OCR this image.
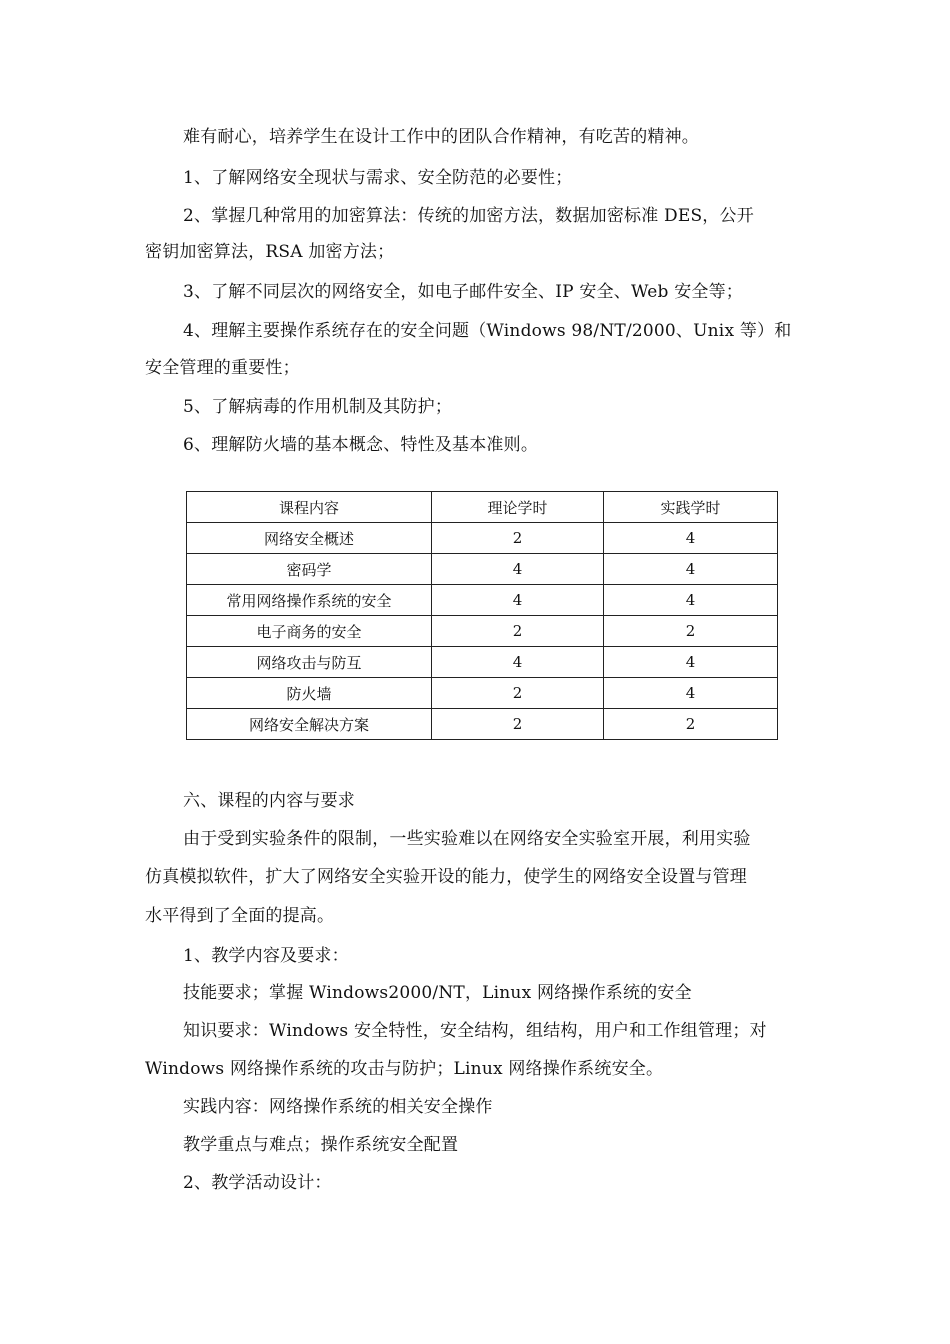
难有耐心，培养学生在设计工作中的团队合作精神，有吃苦的精神。
1、了解网络安全现状与需求、安全防范的必要性；
2、掌握几种常用的加密算法：传统的加密方法，数据加密标准 DES，公开
密钥加密算法，RSA 加密方法；
3、了解不同层次的网络安全，如电子邮件安全、IP 安全、Web 安全等；
4、理解主要操作系统存在的安全问题（Windows 98/NT/2000、Unix 等）和
安全管理的重要性；
5、了解病毒的作用机制及其防护；
6、理解防火墙的基本概念、特性及基本准则。
课程内容	理论学时	实践学时
网络安全概述	2	4
密码学	4	4
常用网络操作系统的安全	4	4
电子商务的安全	2	2
网络攻击与防互	4	4
防火墙	2	4
网络安全解决方案	2	2
六、课程的内容与要求
由于受到实验条件的限制，一些实验难以在网络安全实验室开展，利用实验
仿真模拟软件，扩大了网络安全实验开设的能力，使学生的网络安全设置与管理
水平得到了全面的提高。
1、教学内容及要求：
技能要求；掌握 Windows2000/NT，Linux 网络操作系统的安全
知识要求：Windows 安全特性，安全结构，组结构，用户和工作组管理；对
Windows 网络操作系统的攻击与防护；Linux 网络操作系统安全。
实践内容：网络操作系统的相关安全操作
教学重点与难点；操作系统安全配置
2、教学活动设计：
